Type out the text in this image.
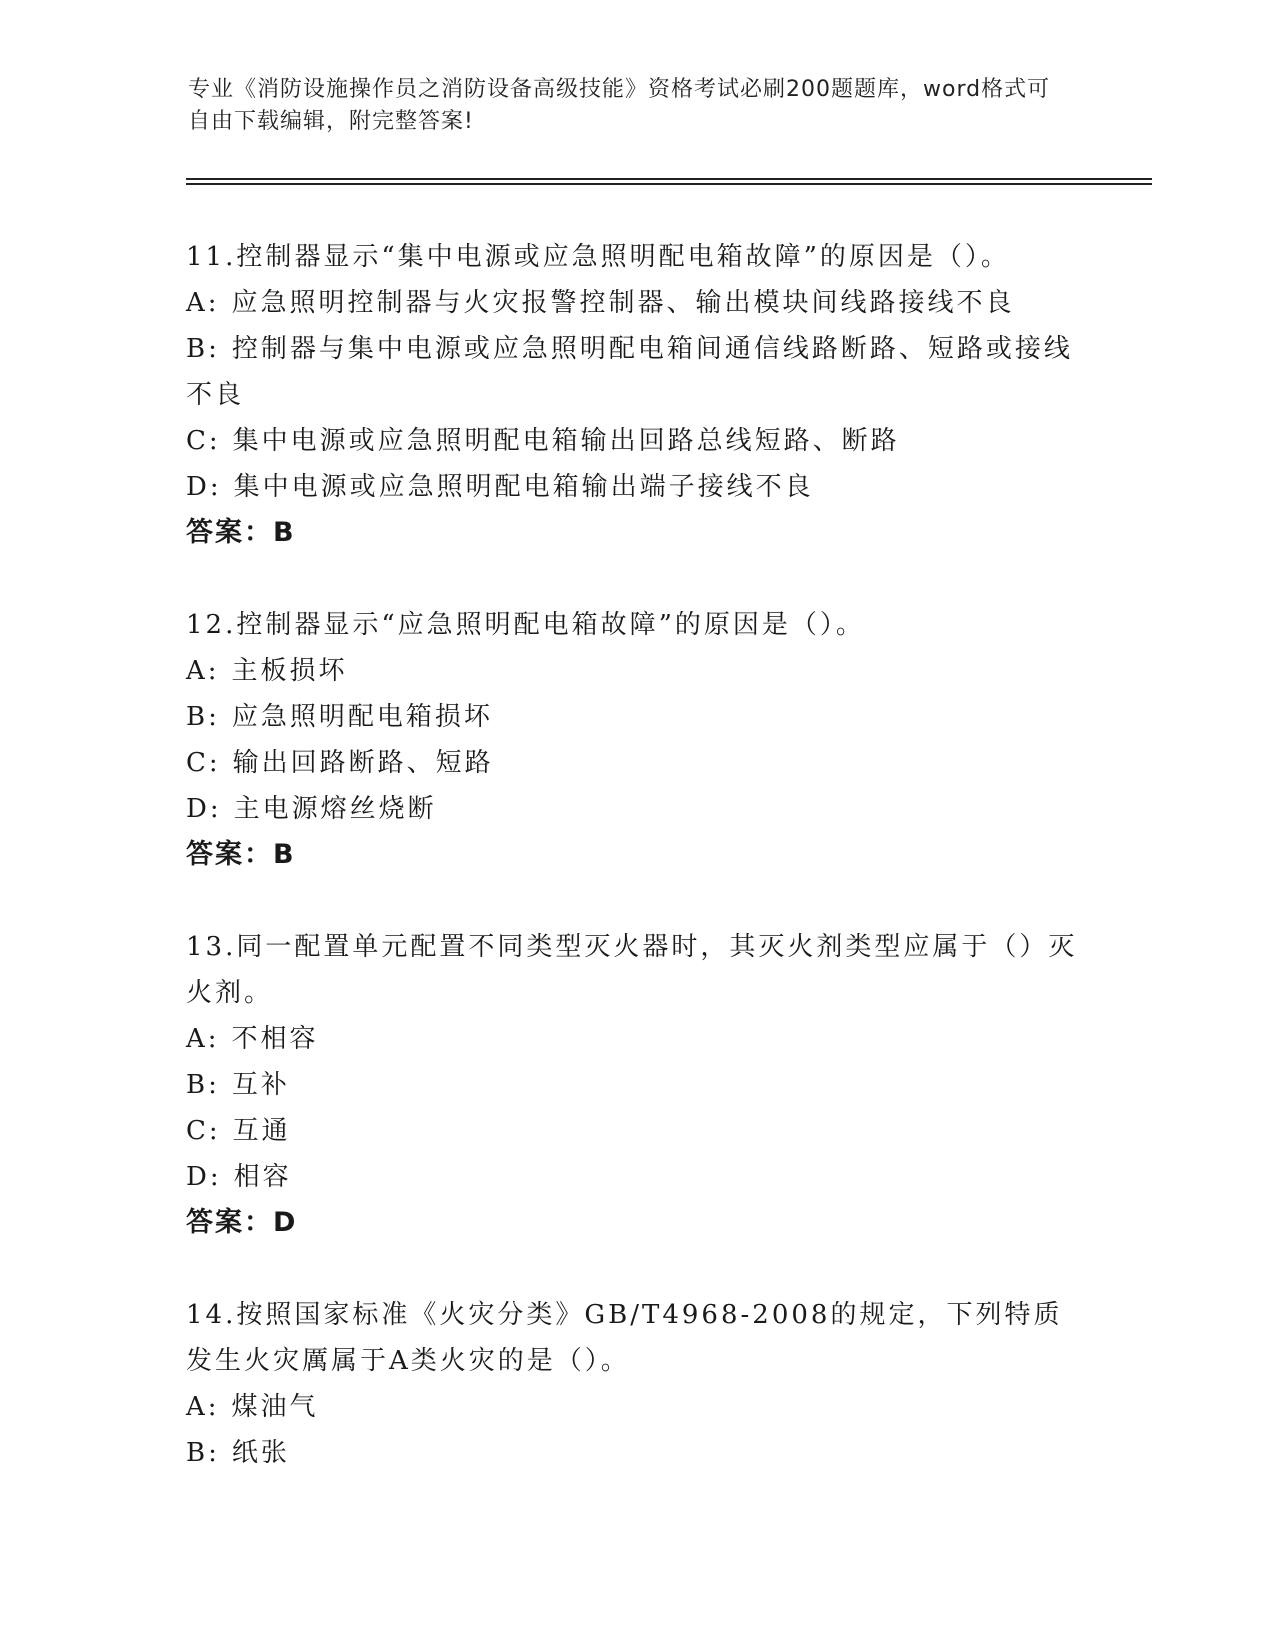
专业《消防设施操作员之消防设备高级技能》资格考试必刷200题题库，word格式可自由下载编辑，附完整答案!
11.控制器显示“集中电源或应急照明配电箱故障”的原因是（）。
A: 应急照明控制器与火灾报警控制器、输出模块间线路接线不良
B: 控制器与集中电源或应急照明配电箱间通信线路断路、短路或接线不良
C: 集中电源或应急照明配电箱输出回路总线短路、断路
D: 集中电源或应急照明配电箱输出端子接线不良
答案：B
12.控制器显示“应急照明配电箱故障”的原因是（）。
A: 主板损坏
B: 应急照明配电箱损坏
C: 输出回路断路、短路
D: 主电源熔丝烧断
答案：B
13.同一配置单元配置不同类型灭火器时，其灭火剂类型应属于（）灭火剂。
A: 不相容
B: 互补
C: 互通
D: 相容
答案：D
14.按照国家标准《火灾分类》GB/T4968-2008的规定，下列特质发生火灾厲属于A类火灾的是（）。
A: 煤油气
B: 纸张
